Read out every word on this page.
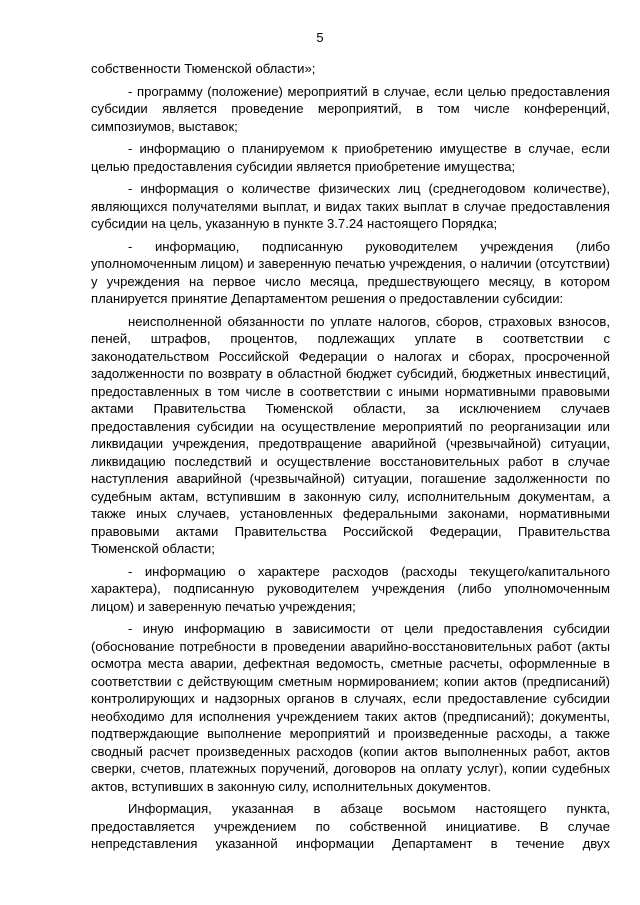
5

собственности Тюменской области»;

- программу (положение) мероприятий в случае, если целью предоставления субсидии является проведение мероприятий, в том числе конференций, симпозиумов, выставок;

- информацию о планируемом к приобретению имуществе в случае, если целью предоставления субсидии является приобретение имущества;

- информация о количестве физических лиц (среднегодовом количестве), являющихся получателями выплат, и видах таких выплат в случае предоставления субсидии на цель, указанную в пункте 3.7.24 настоящего Порядка;

- информацию, подписанную руководителем учреждения (либо уполномоченным лицом) и заверенную печатью учреждения, о наличии (отсутствии) у учреждения на первое число месяца, предшествующего месяцу, в котором планируется принятие Департаментом решения о предоставлении субсидии:

неисполненной обязанности по уплате налогов, сборов, страховых взносов, пеней, штрафов, процентов, подлежащих уплате в соответствии с законодательством Российской Федерации о налогах и сборах, просроченной задолженности по возврату в областной бюджет субсидий, бюджетных инвестиций, предоставленных в том числе в соответствии с иными нормативными правовыми актами Правительства Тюменской области, за исключением случаев предоставления субсидии на осуществление мероприятий по реорганизации или ликвидации учреждения, предотвращение аварийной (чрезвычайной) ситуации, ликвидацию последствий и осуществление восстановительных работ в случае наступления аварийной (чрезвычайной) ситуации, погашение задолженности по судебным актам, вступившим в законную силу, исполнительным документам, а также иных случаев, установленных федеральными законами, нормативными правовыми актами Правительства Российской Федерации, Правительства Тюменской области;

- информацию о характере расходов (расходы текущего/капитального характера), подписанную руководителем учреждения (либо уполномоченным лицом) и заверенную печатью учреждения;

- иную информацию в зависимости от цели предоставления субсидии (обоснование потребности в проведении аварийно-восстановительных работ (акты осмотра места аварии, дефектная ведомость, сметные расчеты, оформленные в соответствии с действующим сметным нормированием; копии актов (предписаний) контролирующих и надзорных органов в случаях, если предоставление субсидии необходимо для исполнения учреждением таких актов (предписаний); документы, подтверждающие выполнение мероприятий и произведенные расходы, а также сводный расчет произведенных расходов (копии актов выполненных работ, актов сверки, счетов, платежных поручений, договоров на оплату услуг), копии судебных актов, вступивших в законную силу, исполнительных документов.

Информация, указанная в абзаце восьмом настоящего пункта, предоставляется учреждением по собственной инициативе. В случае непредставления указанной информации Департамент в течение двух
